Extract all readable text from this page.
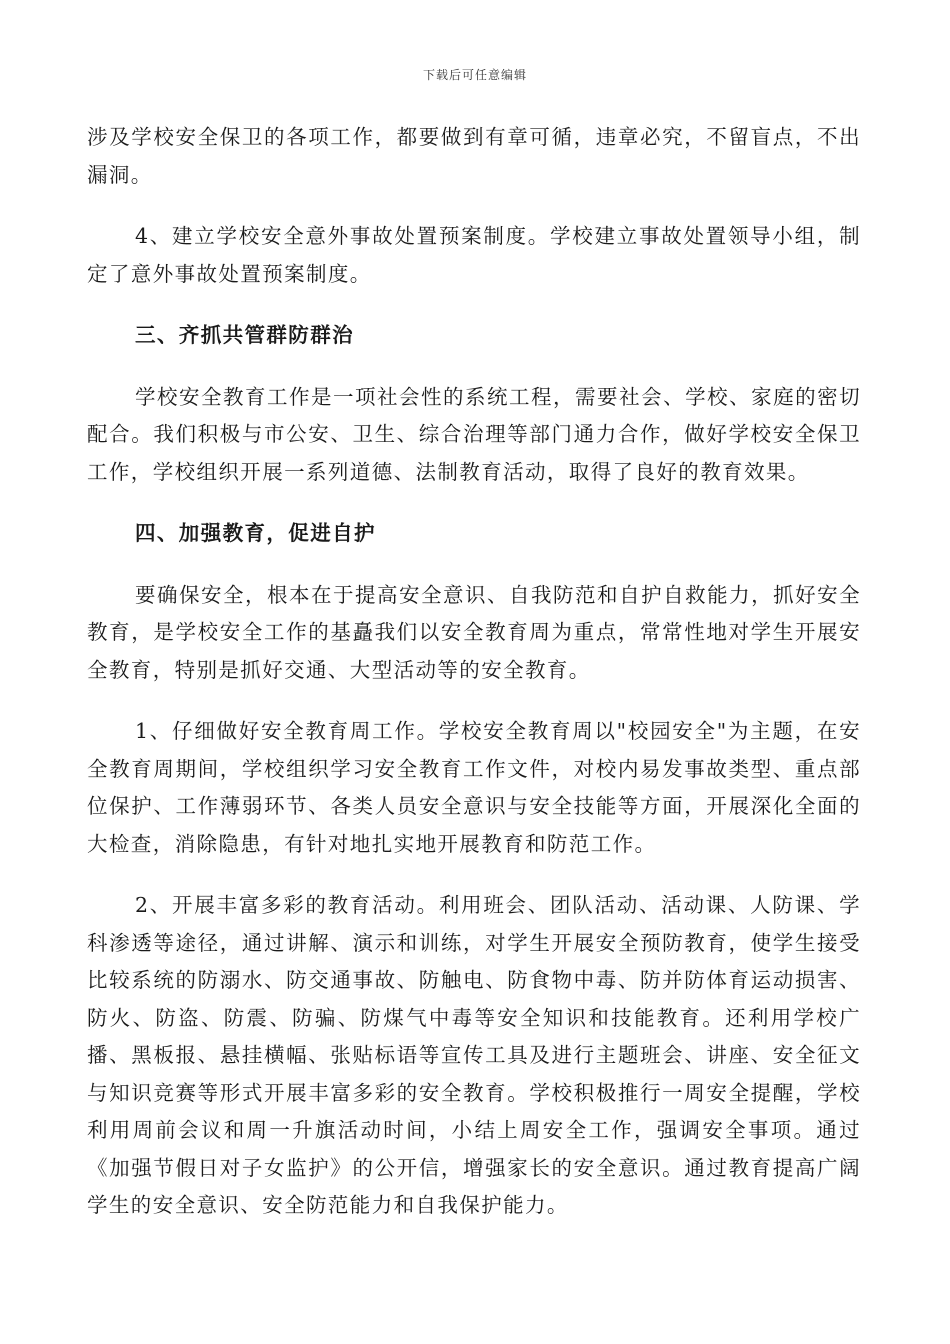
下载后可任意编辑

涉及学校安全保卫的各项工作，都要做到有章可循，违章必究，不留盲点，不出漏洞。

4、建立学校安全意外事故处置预案制度。学校建立事故处置领导小组，制定了意外事故处置预案制度。

三、齐抓共管群防群治

学校安全教育工作是一项社会性的系统工程，需要社会、学校、家庭的密切配合。我们积极与市公安、卫生、综合治理等部门通力合作，做好学校安全保卫工作，学校组织开展一系列道德、法制教育活动，取得了良好的教育效果。

四、加强教育，促进自护

要确保安全，根本在于提高安全意识、自我防范和自护自救能力，抓好安全教育，是学校安全工作的基矗我们以安全教育周为重点，常常性地对学生开展安全教育，特别是抓好交通、大型活动等的安全教育。

1、仔细做好安全教育周工作。学校安全教育周以"校园安全"为主题，在安全教育周期间，学校组织学习安全教育工作文件，对校内易发事故类型、重点部位保护、工作薄弱环节、各类人员安全意识与安全技能等方面，开展深化全面的大检查，消除隐患，有针对地扎实地开展教育和防范工作。

2、开展丰富多彩的教育活动。利用班会、团队活动、活动课、人防课、学科渗透等途径，通过讲解、演示和训练，对学生开展安全预防教育，使学生接受比较系统的防溺水、防交通事故、防触电、防食物中毒、防并防体育运动损害、防火、防盗、防震、防骗、防煤气中毒等安全知识和技能教育。还利用学校广播、黑板报、悬挂横幅、张贴标语等宣传工具及进行主题班会、讲座、安全征文与知识竞赛等形式开展丰富多彩的安全教育。学校积极推行一周安全提醒，学校利用周前会议和周一升旗活动时间，小结上周安全工作，强调安全事项。通过《加强节假日对子女监护》的公开信，增强家长的安全意识。通过教育提高广阔学生的安全意识、安全防范能力和自我保护能力。
